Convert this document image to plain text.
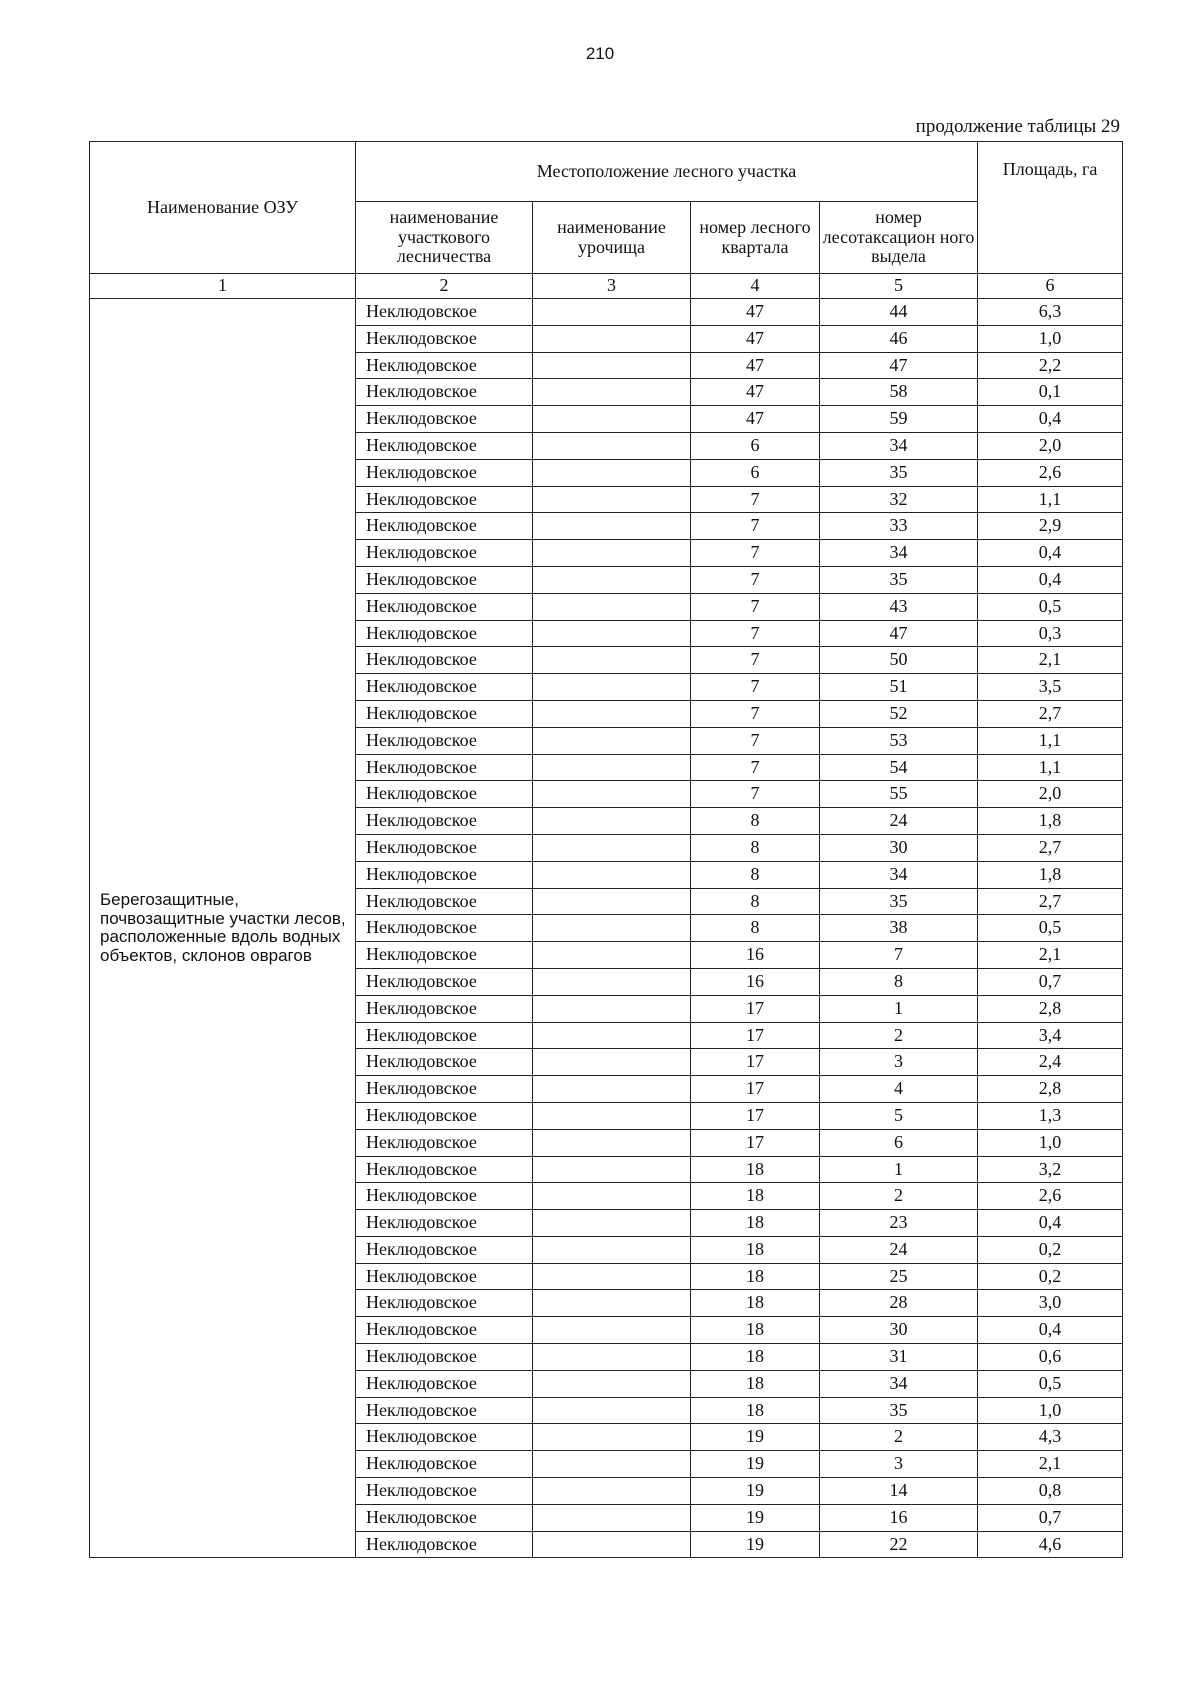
210
продолжение таблицы 29
Наименование ОЗУ	Местоположение лесного участка				Площадь, га
	наименование участкового лесничества	наименование урочища	номер лесного квартала	номер лесотаксацион ного выдела	
1	2	3	4	5	6
Берегозащитные, почвозащитные участки лесов, расположенные вдоль водных объектов, склонов оврагов	Неклюдовское		47	44	6,3
	Неклюдовское		47	46	1,0
	Неклюдовское		47	47	2,2
	Неклюдовское		47	58	0,1
	Неклюдовское		47	59	0,4
	Неклюдовское		6	34	2,0
	Неклюдовское		6	35	2,6
	Неклюдовское		7	32	1,1
	Неклюдовское		7	33	2,9
	Неклюдовское		7	34	0,4
	Неклюдовское		7	35	0,4
	Неклюдовское		7	43	0,5
	Неклюдовское		7	47	0,3
	Неклюдовское		7	50	2,1
	Неклюдовское		7	51	3,5
	Неклюдовское		7	52	2,7
	Неклюдовское		7	53	1,1
	Неклюдовское		7	54	1,1
	Неклюдовское		7	55	2,0
	Неклюдовское		8	24	1,8
	Неклюдовское		8	30	2,7
	Неклюдовское		8	34	1,8
	Неклюдовское		8	35	2,7
	Неклюдовское		8	38	0,5
	Неклюдовское		16	7	2,1
	Неклюдовское		16	8	0,7
	Неклюдовское		17	1	2,8
	Неклюдовское		17	2	3,4
	Неклюдовское		17	3	2,4
	Неклюдовское		17	4	2,8
	Неклюдовское		17	5	1,3
	Неклюдовское		17	6	1,0
	Неклюдовское		18	1	3,2
	Неклюдовское		18	2	2,6
	Неклюдовское		18	23	0,4
	Неклюдовское		18	24	0,2
	Неклюдовское		18	25	0,2
	Неклюдовское		18	28	3,0
	Неклюдовское		18	30	0,4
	Неклюдовское		18	31	0,6
	Неклюдовское		18	34	0,5
	Неклюдовское		18	35	1,0
	Неклюдовское		19	2	4,3
	Неклюдовское		19	3	2,1
	Неклюдовское		19	14	0,8
	Неклюдовское		19	16	0,7
	Неклюдовское		19	22	4,6
